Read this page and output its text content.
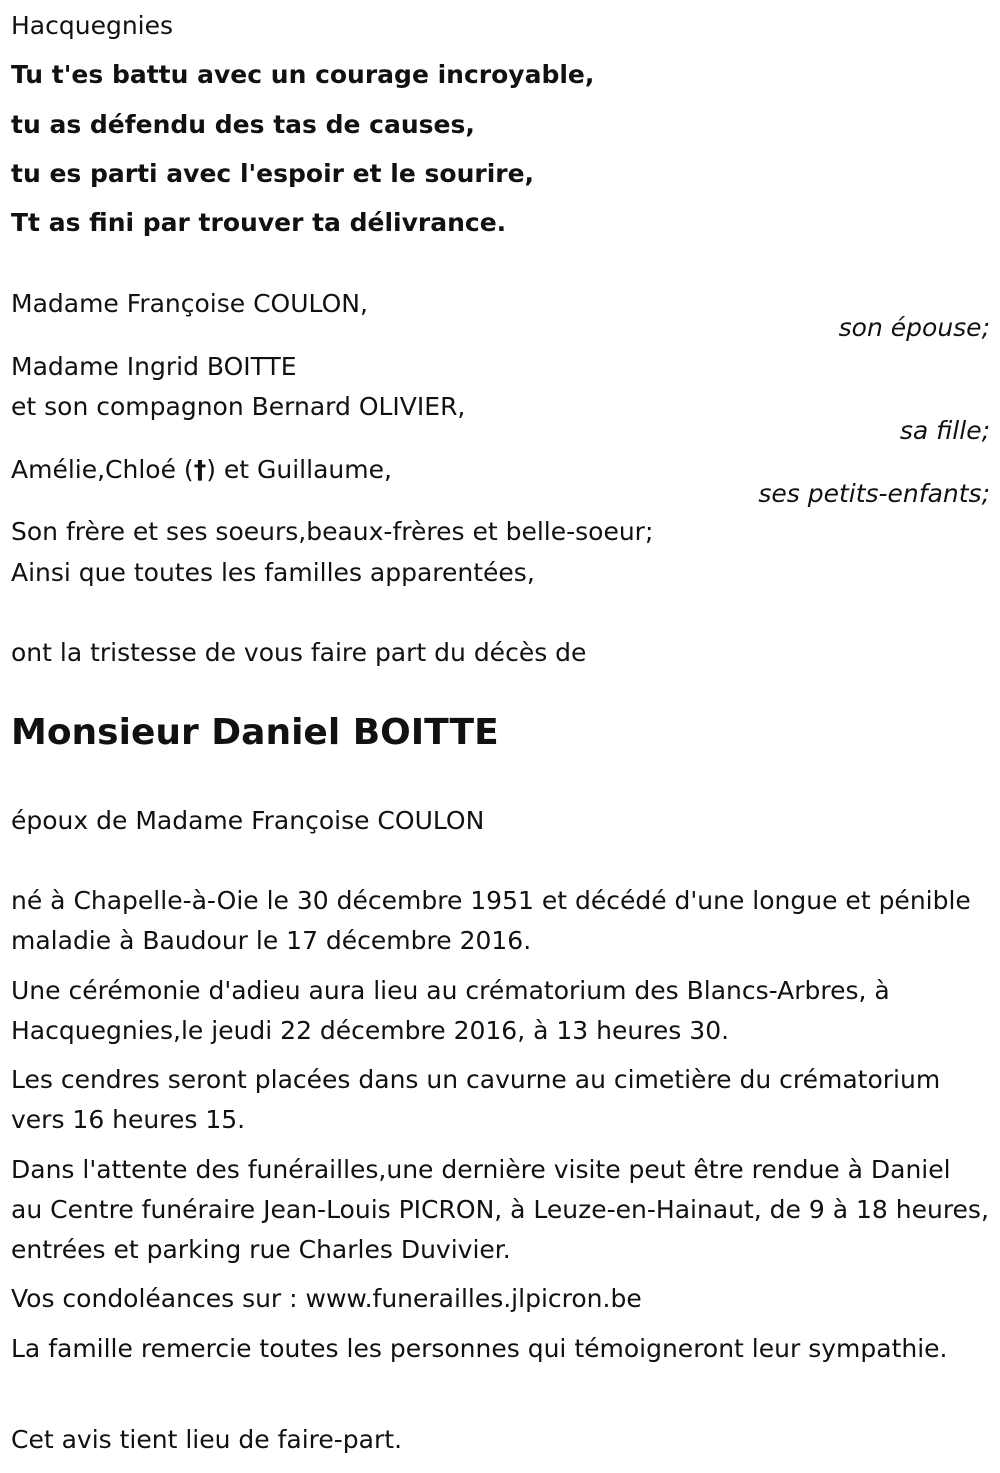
Hacquegnies
Tu t'es battu avec un courage incroyable,
tu as défendu des tas de causes,
tu es parti avec l'espoir et le sourire,
Tt as fini par trouver ta délivrance.
Madame Françoise COULON,
son épouse;
Madame Ingrid BOITTE
et son compagnon Bernard OLIVIER,
sa fille;
Amélie,Chloé (†) et Guillaume,
ses petits-enfants;
Son frère et ses soeurs,beaux-frères et belle-soeur;
Ainsi que toutes les familles apparentées,
ont la tristesse de vous faire part du décès de
Monsieur Daniel BOITTE
époux de Madame Françoise COULON
né à Chapelle-à-Oie le 30 décembre 1951 et décédé d'une longue et pénible maladie à Baudour le 17 décembre 2016.
Une cérémonie d'adieu aura lieu au crématorium des Blancs-Arbres, à Hacquegnies,le jeudi 22 décembre 2016, à 13 heures 30.
Les cendres seront placées dans un cavurne au cimetière du crématorium vers 16 heures 15.
Dans l'attente des funérailles,une dernière visite peut être rendue à Daniel au Centre funéraire Jean-Louis PICRON, à Leuze-en-Hainaut, de 9 à 18 heures, entrées et parking rue Charles Duvivier.
Vos condoléances sur : www.funerailles.jlpicron.be
La famille remercie toutes les personnes qui témoigneront leur sympathie.
Cet avis tient lieu de faire-part.
